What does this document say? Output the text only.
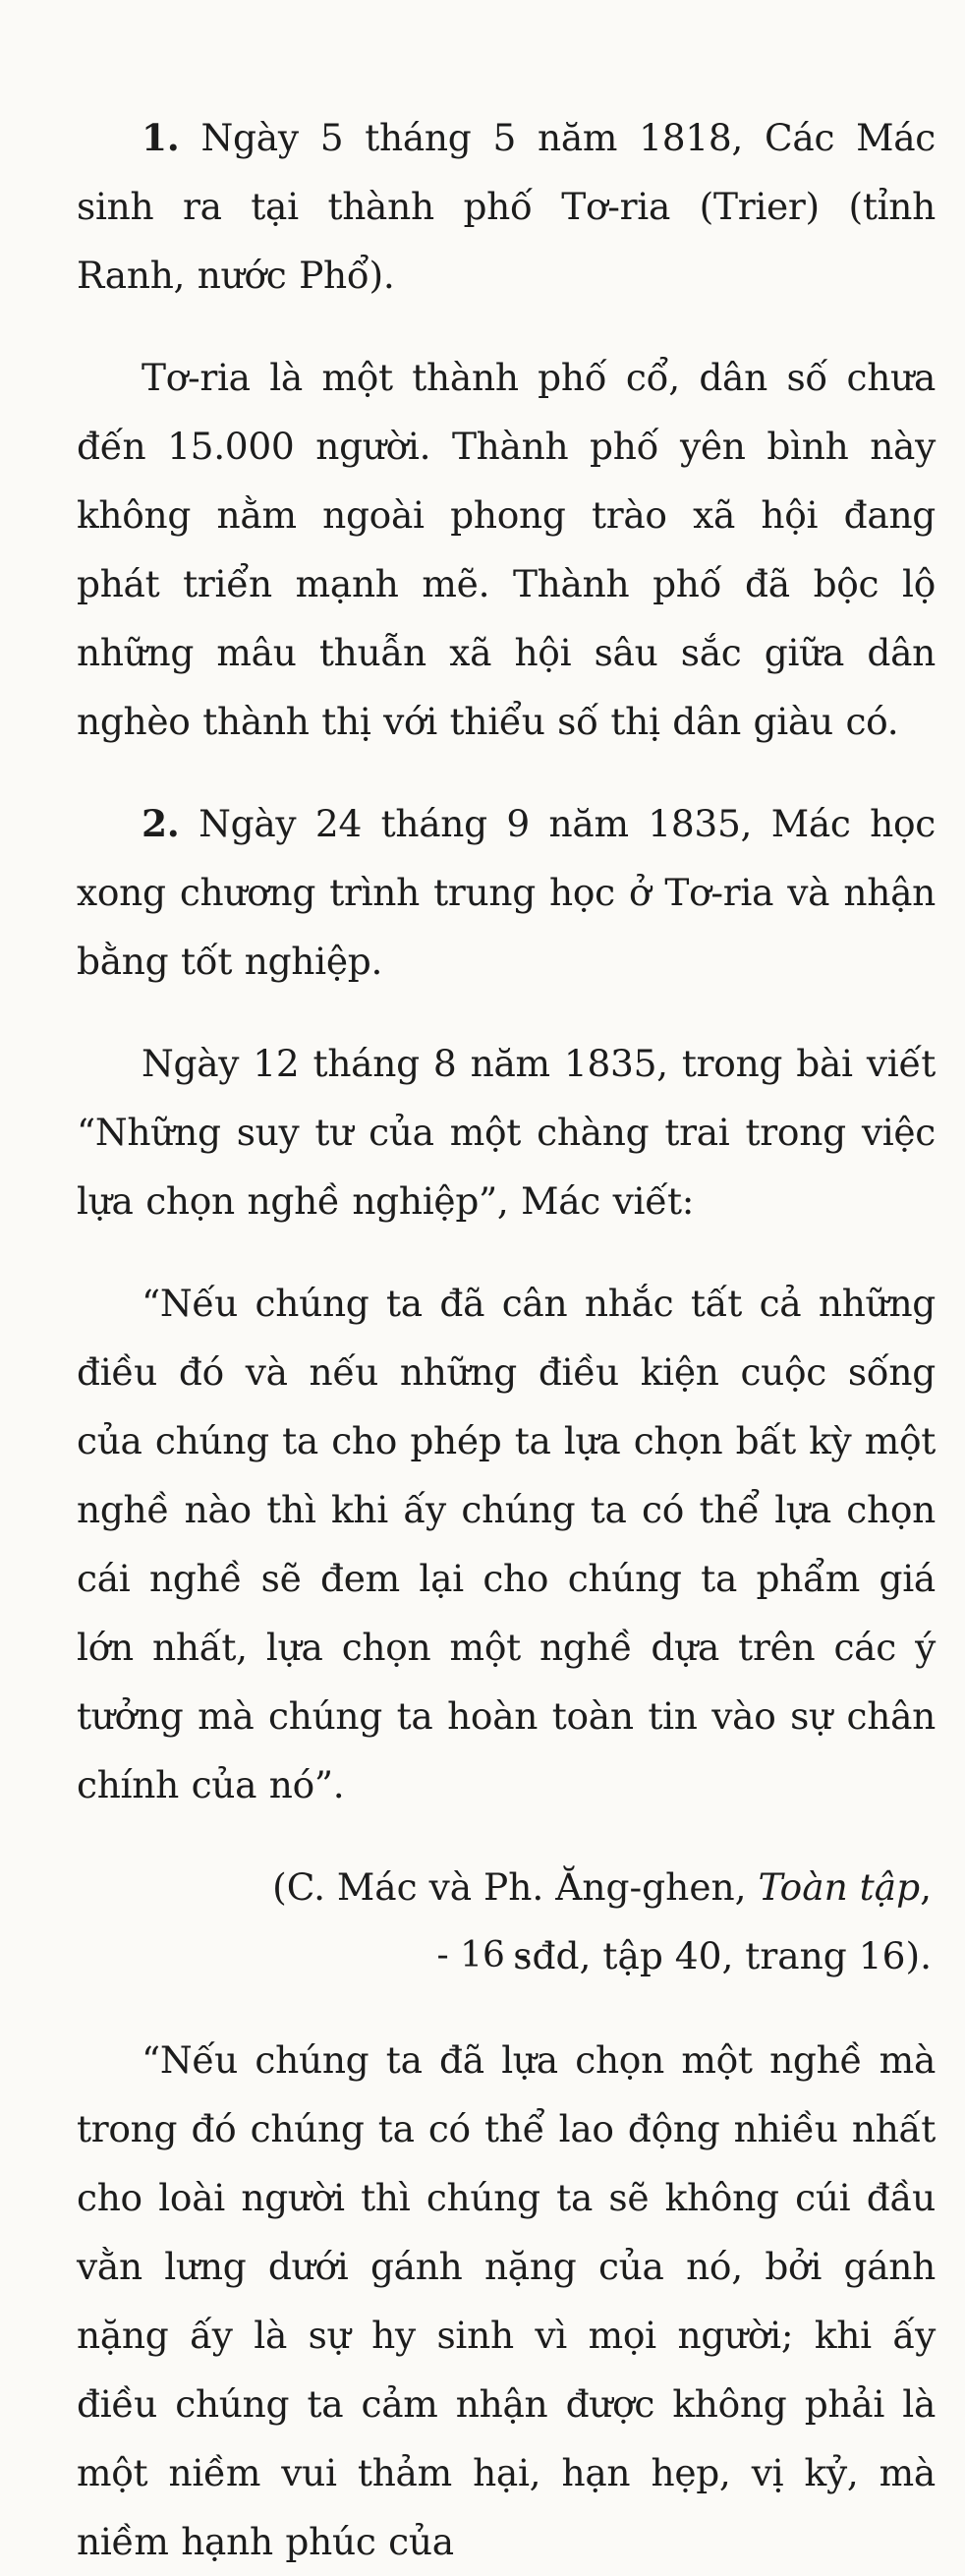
1. Ngày 5 tháng 5 năm 1818, Các Mác sinh ra tại thành phố Tơ-ria (Trier) (tỉnh Ranh, nước Phổ).

Tơ-ria là một thành phố cổ, dân số chưa đến 15.000 người. Thành phố yên bình này không nằm ngoài phong trào xã hội đang phát triển mạnh mẽ. Thành phố đã bộc lộ những mâu thuẫn xã hội sâu sắc giữa dân nghèo thành thị với thiểu số thị dân giàu có.

2. Ngày 24 tháng 9 năm 1835, Mác học xong chương trình trung học ở Tơ-ria và nhận bằng tốt nghiệp.

Ngày 12 tháng 8 năm 1835, trong bài viết “Những suy tư của một chàng trai trong việc lựa chọn nghề nghiệp”, Mác viết:

“Nếu chúng ta đã cân nhắc tất cả những điều đó và nếu những điều kiện cuộc sống của chúng ta cho phép ta lựa chọn bất kỳ một nghề nào thì khi ấy chúng ta có thể lựa chọn cái nghề sẽ đem lại cho chúng ta phẩm giá lớn nhất, lựa chọn một nghề dựa trên các ý tưởng mà chúng ta hoàn toàn tin vào sự chân chính của nó”.

(C. Mác và Ph. Ăng-ghen, Toàn tập,
sđd, tập 40, trang 16).

“Nếu chúng ta đã lựa chọn một nghề mà trong đó chúng ta có thể lao động nhiều nhất cho loài người thì chúng ta sẽ không cúi đầu vằn lưng dưới gánh nặng của nó, bởi gánh nặng ấy là sự hy sinh vì mọi người; khi ấy điều chúng ta cảm nhận được không phải là một niềm vui thảm hại, hạn hẹp, vị kỷ, mà niềm hạnh phúc của

- 16 -
